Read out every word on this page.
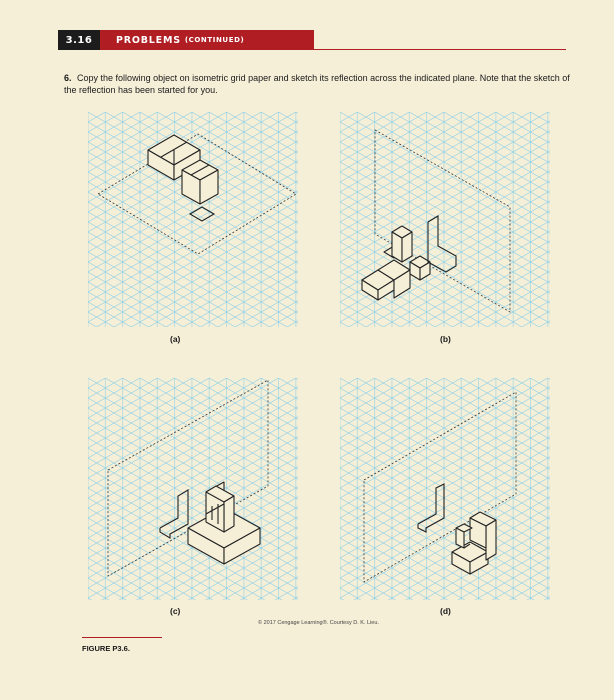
3.16	PROBLEMS (CONTINUED)
6. Copy the following object on isometric grid paper and sketch its reflection across the indicated plane. Note that the sketch of the reflection has been started for you.
(a)	(b)
(c)	(d)
© 2017 Cengage Learning®. Courtesy D. K. Lieu.
FIGURE P3.6.
